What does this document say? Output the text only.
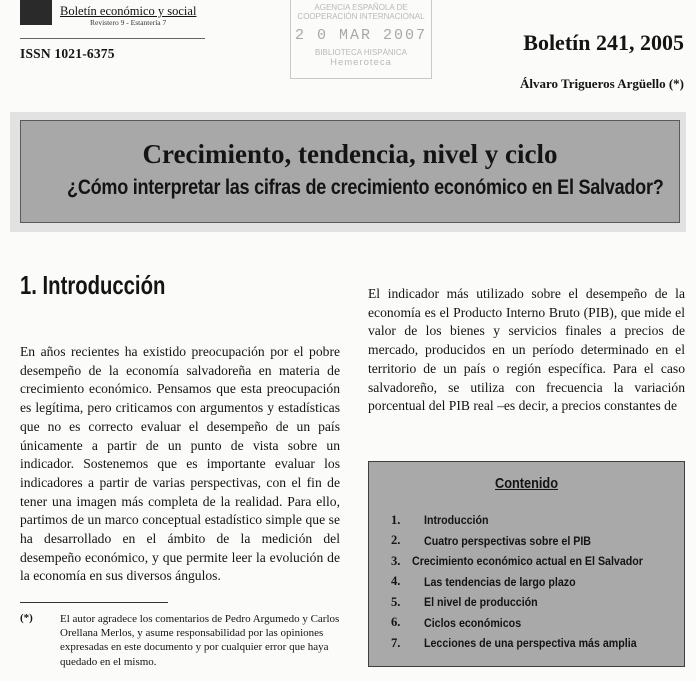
Boletín económico y social
Revistero 9 - Estantería 7
ISSN 1021-6375
AGENCIA ESPAÑOLA DE
COOPERACIÓN INTERNACIONAL
2 0 MAR 2007
BIBLIOTECA HISPÁNICA
Hemeroteca
Boletín 241, 2005
Álvaro Trigueros Argüello (*)
Crecimiento, tendencia, nivel y ciclo
¿Cómo interpretar las cifras de crecimiento económico en El Salvador?
1. Introducción

En años recientes ha existido preocupación por el pobre desempeño de la economía salvadoreña en materia de crecimiento económico. Pensamos que esta preocupación es legítima, pero criticamos con argumentos y estadísticas que no es correcto evaluar el desempeño de un país únicamente a partir de un punto de vista sobre un indicador. Sostenemos que es importante evaluar los indicadores a partir de varias perspectivas, con el fin de tener una imagen más completa de la realidad. Para ello, partimos de un marco conceptual estadístico simple que se ha desarrollado en el ámbito de la medición del desempeño económico, y que permite leer la evolución de la economía en sus diversos ángulos.

El indicador más utilizado sobre el desempeño de la economía es el Producto Interno Bruto (PIB), que mide el valor de los bienes y servicios finales a precios de mercado, producidos en un período determinado en el territorio de un país o región específica. Para el caso salvadoreño, se utiliza con frecuencia la variación porcentual del PIB real –es decir, a precios constantes de

(*) El autor agradece los comentarios de Pedro Argumedo y Carlos Orellana Merlos, y asume responsabilidad por las opiniones expresadas en este documento y por cualquier error que haya quedado en el mismo.
Contenido
1.	Introducción
2.	Cuatro perspectivas sobre el PIB
3. Crecimiento económico actual en El Salvador
4.	Las tendencias de largo plazo
5.	El nivel de producción
6.	Ciclos económicos
7.	Lecciones de una perspectiva más amplia
